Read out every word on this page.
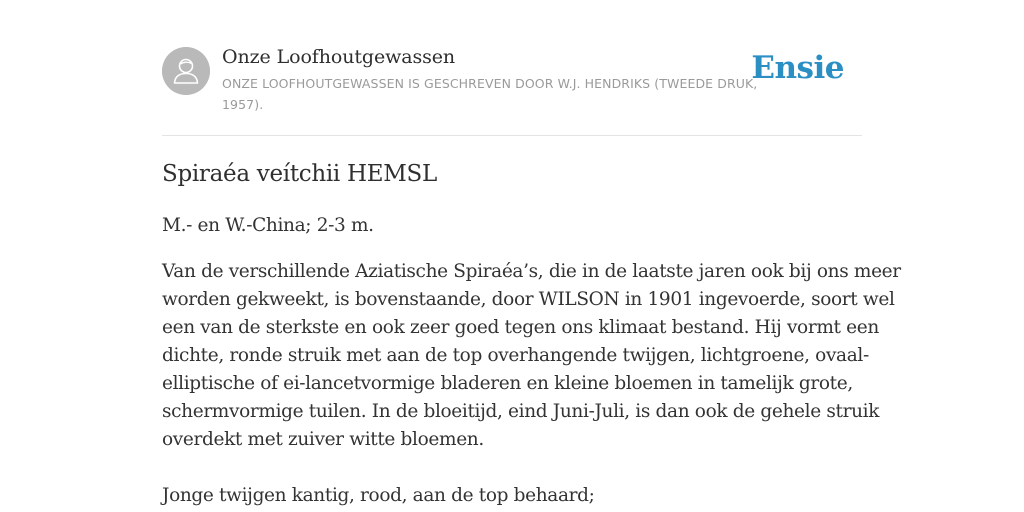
Onze Loofhoutgewassen
ONZE LOOFHOUTGEWASSEN IS GESCHREVEN DOOR W.J. HENDRIKS (TWEEDE DRUK, 1957).
Ensie
Spiraéa veítchii HEMSL

M.- en W.-China; 2-3 m.

Van de verschillende Aziatische Spiraéa’s, die in de laatste jaren ook bij ons meer
worden gekweekt, is bovenstaande, door WILSON in 1901 ingevoerde, soort wel
een van de sterkste en ook zeer goed tegen ons klimaat bestand. Hij vormt een
dichte, ronde struik met aan de top overhangende twijgen, lichtgroene, ovaal-
elliptische of ei-lancetvormige bladeren en kleine bloemen in tamelijk grote,
schermvormige tuilen. In de bloeitijd, eind Juni-Juli, is dan ook de gehele struik
overdekt met zuiver witte bloemen.

Jonge twijgen kantig, rood, aan de top behaard;
